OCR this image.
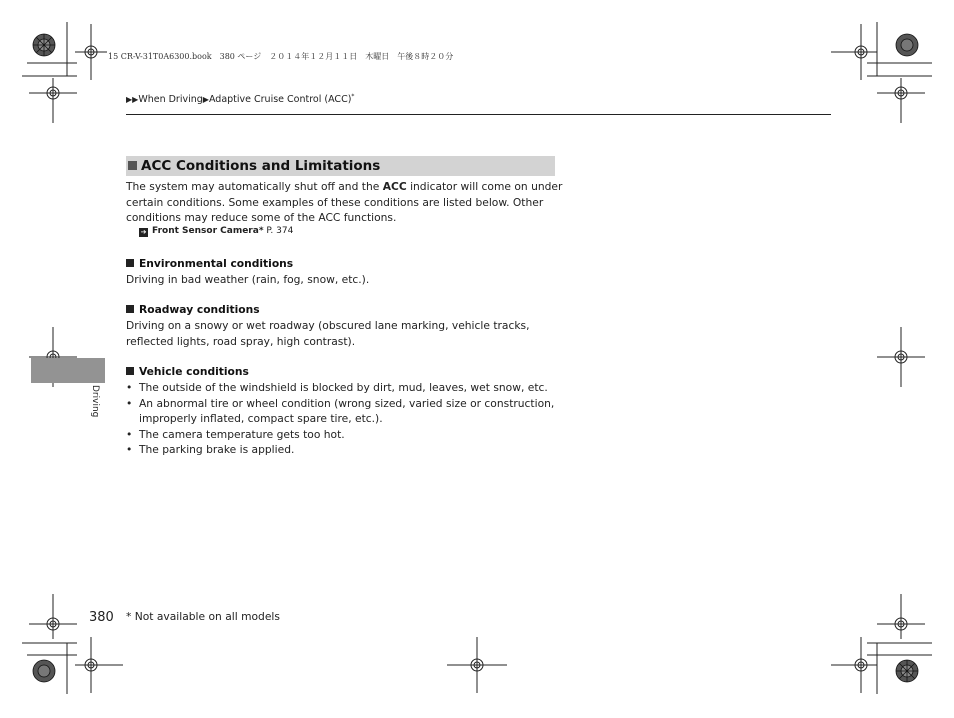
15 CR-V-31T0A6300.book　380 ページ　２０１４年１２月１１日　木曜日　午後８時２０分
▶▶When Driving▶Adaptive Cruise Control (ACC)*
ACC Conditions and Limitations
The system may automatically shut off and the ACC indicator will come on under certain conditions. Some examples of these conditions are listed below. Other conditions may reduce some of the ACC functions.
➔ Front Sensor Camera* P. 374
Environmental conditions
Driving in bad weather (rain, fog, snow, etc.).
Roadway conditions
Driving on a snowy or wet roadway (obscured lane marking, vehicle tracks, reflected lights, road spray, high contrast).
Vehicle conditions
• The outside of the windshield is blocked by dirt, mud, leaves, wet snow, etc.
• An abnormal tire or wheel condition (wrong sized, varied size or construction, improperly inflated, compact spare tire, etc.).
• The camera temperature gets too hot.
• The parking brake is applied.
Driving
380 * Not available on all models
